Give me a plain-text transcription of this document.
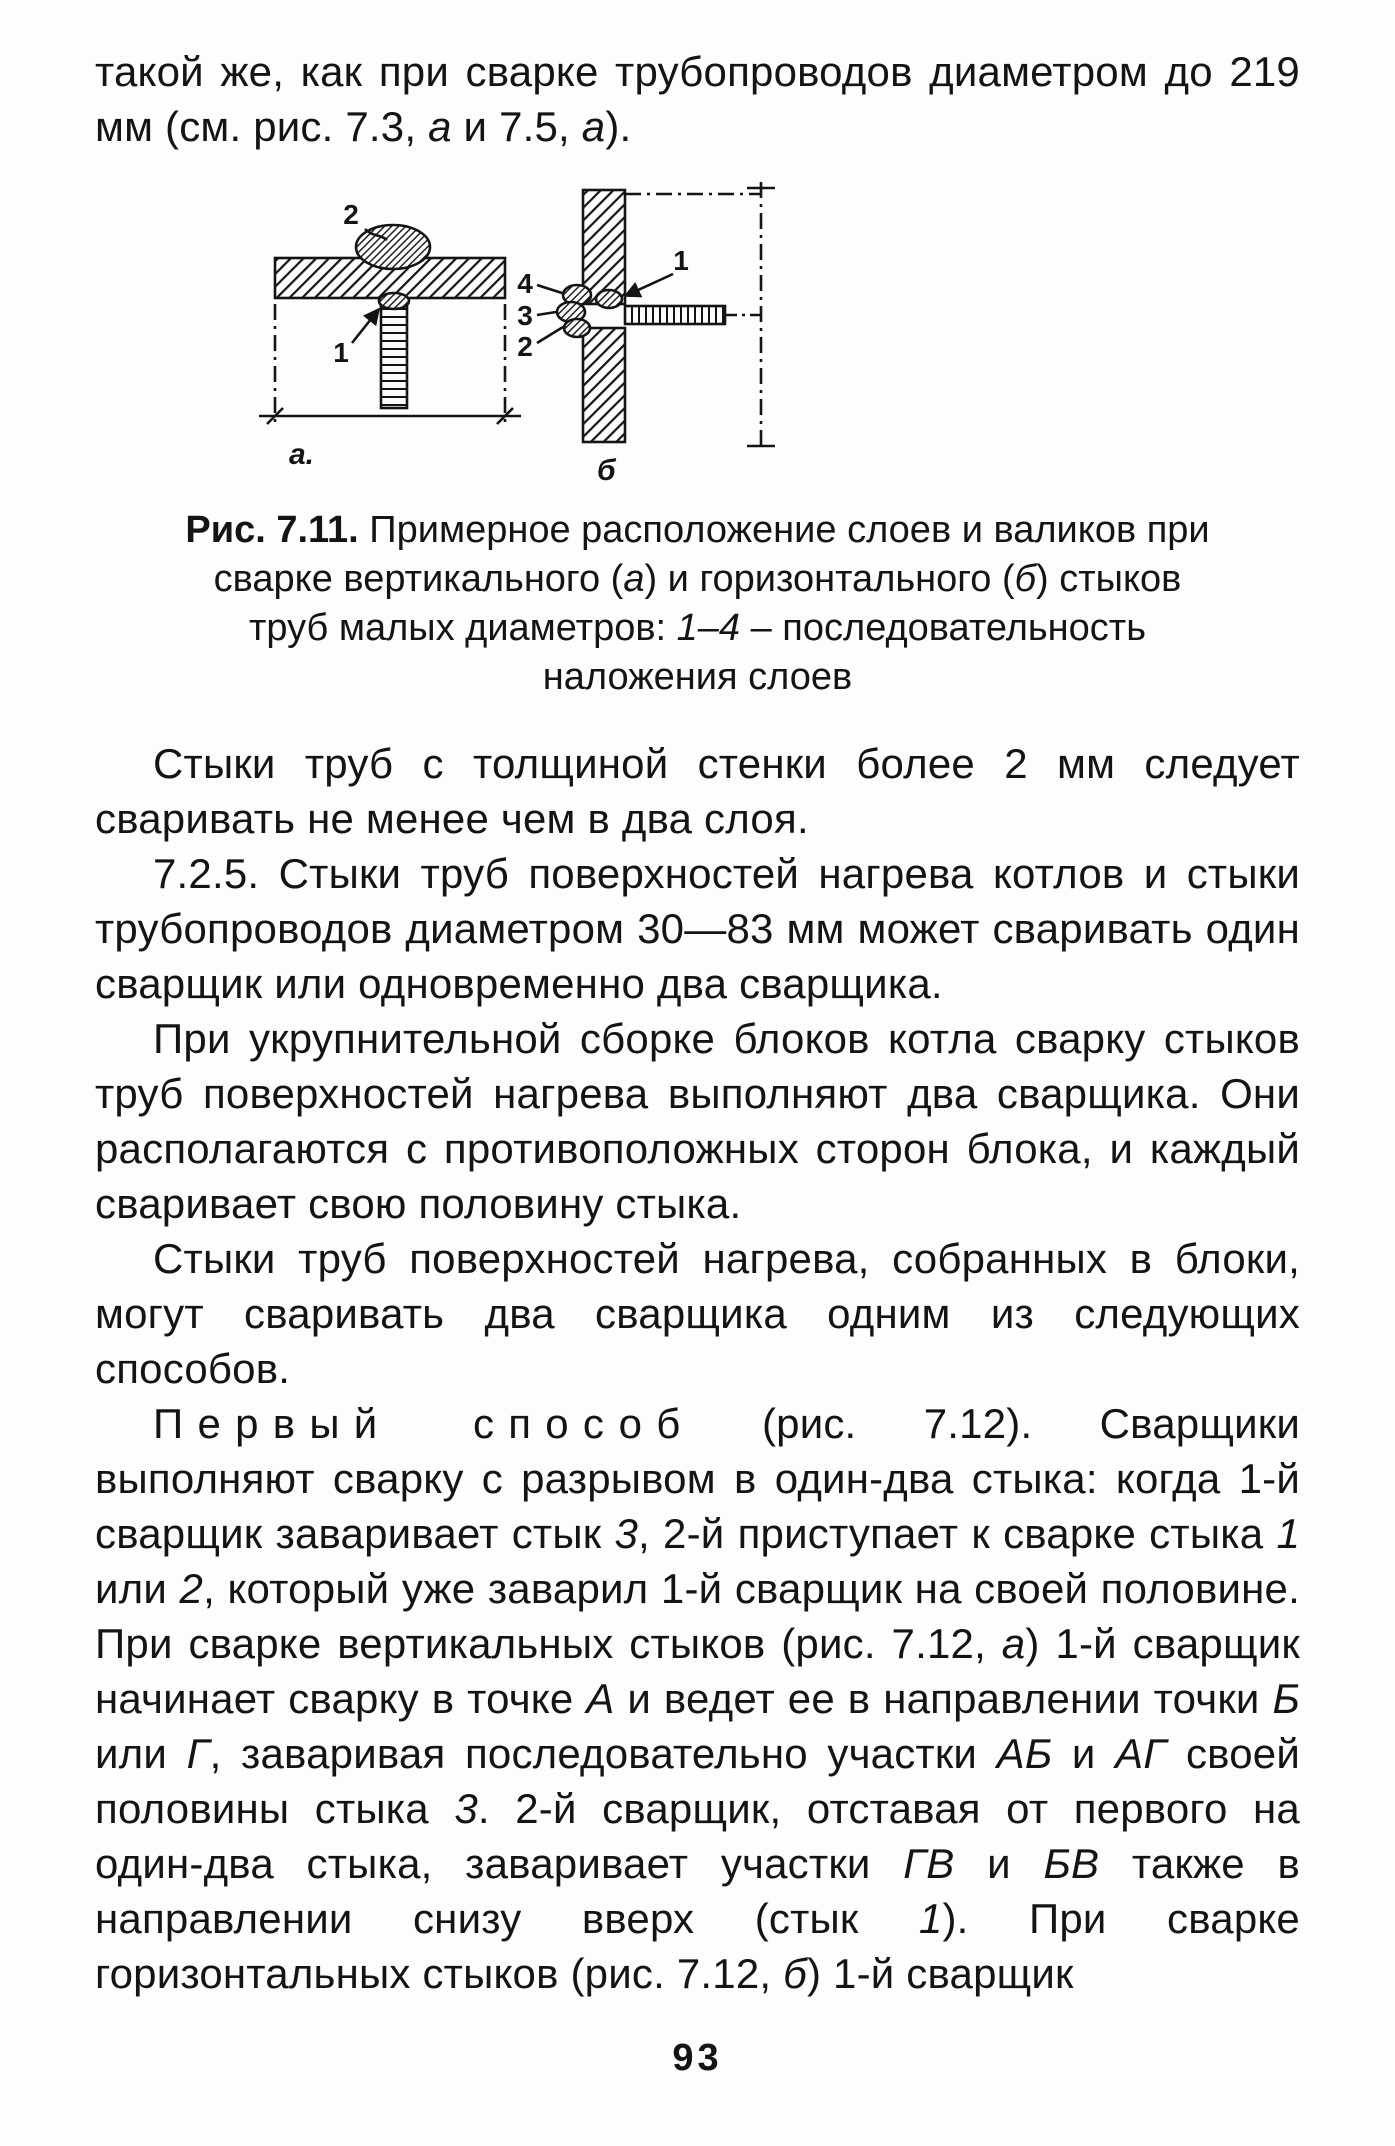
такой же, как при сварке трубопроводов диаметром до 219 мм (см. рис. 7.3, а и 7.5, а).

2
1
а.
4
3
2
1
б
Рис. 7.11. Примерное расположение слоев и валиков при сварке вертикального (а) и горизонтального (б) стыков труб малых диаметров: 1–4 – последовательность наложения слоев

Стыки труб с толщиной стенки более 2 мм следует сваривать не менее чем в два слоя.

7.2.5. Стыки труб поверхностей нагрева котлов и стыки трубопроводов диаметром 30—83 мм может сваривать один сварщик или одновременно два сварщика.

При укрупнительной сборке блоков котла сварку стыков труб поверхностей нагрева выполняют два сварщика. Они располагаются с противоположных сторон блока, и каждый сваривает свою половину стыка.

Стыки труб поверхностей нагрева, собранных в блоки, могут сваривать два сварщика одним из следующих способов.

Первый способ (рис. 7.12). Сварщики выполняют сварку с разрывом в один-два стыка: когда 1-й сварщик заваривает стык 3, 2-й приступает к сварке стыка 1 или 2, который уже заварил 1-й сварщик на своей половине. При сварке вертикальных стыков (рис. 7.12, а) 1-й сварщик начинает сварку в точке А и ведет ее в направлении точки Б или Г, заваривая последовательно участки АБ и АГ своей половины стыка 3. 2-й сварщик, отставая от первого на один-два стыка, заваривает участки ГВ и БВ также в направлении снизу вверх (стык 1). При сварке горизонтальных стыков (рис. 7.12, б) 1-й сварщик

93
